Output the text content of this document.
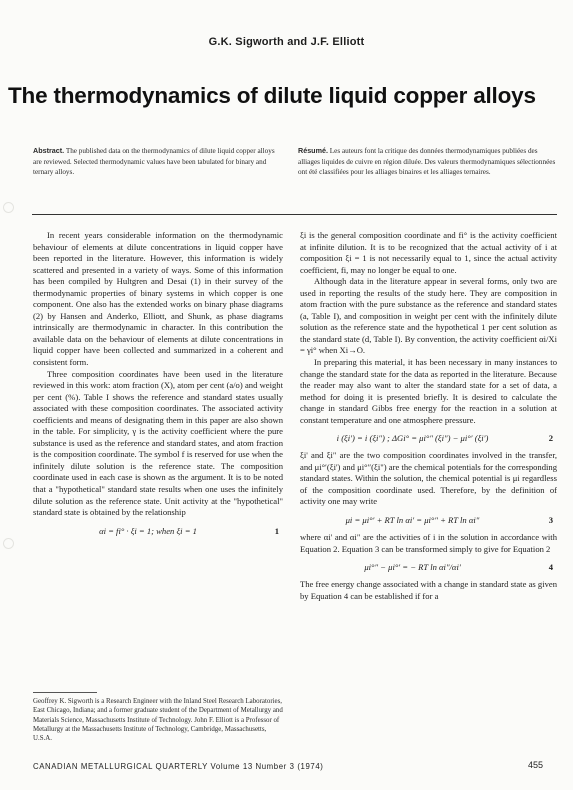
G.K. Sigworth and J.F. Elliott
The thermodynamics of dilute liquid copper alloys
Abstract. The published data on the thermodynamics of dilute liquid copper alloys are reviewed. Selected thermodynamic values have been tabulated for binary and ternary alloys.
Résumé. Les auteurs font la critique des données thermodynamiques publiées des alliages liquides de cuivre en région diluée. Des valeurs thermodynamiques sélectionnées ont été classifiées pour les alliages binaires et les alliages ternaires.

In recent years considerable information on the thermodynamic behaviour of elements at dilute concentrations in liquid copper have been reported in the literature. However, this information is widely scattered and presented in a variety of ways. Some of this information has been compiled by Hultgren and Desai (1) in their survey of the thermodynamic properties of binary systems in which copper is one component. One also has the extended works on binary phase diagrams (2) by Hansen and Anderko, Elliott, and Shunk, as phase diagrams intrinsically are thermodynamic in character. In this contribution the available data on the behaviour of elements at dilute concentrations in liquid copper have been collected and summarized in a coherent and consistent form.

Three composition coordinates have been used in the literature reviewed in this work: atom fraction (X), atom per cent (a/o) and weight per cent (%). Table I shows the reference and standard states usually associated with these composition coordinates. The associated activity coefficients and means of designating them in this paper are also shown in the table. For simplicity, γ is the activity coefficient where the pure substance is used as the reference and standard states, and atom fraction is the composition coordinate. The symbol f is reserved for use when the infinitely dilute solution is the reference state. The composition coordinate used in each case is shown as the argument. It is to be noted that a "hypothetical" standard state results when one uses the infinitely dilute solution as the reference state. Unit activity at the "hypothetical" standard state is obtained by the relationship

αi = fi° · ξi = 1; when ξi = 1	1
Geoffrey K. Sigworth is a Research Engineer with the Inland Steel Research Laboratories, East Chicago, Indiana; and a former graduate student of the Department of Metallurgy and Materials Science, Massachusetts Institute of Technology. John F. Elliott is a Professor of Metallurgy at the Massachusetts Institute of Technology, Cambridge, Massachusetts, U.S.A.

ξi is the general composition coordinate and fi° is the activity coefficient at infinite dilution. It is to be recognized that the actual activity of i at composition ξi = 1 is not necessarily equal to 1, since the actual activity coefficient, fi, may no longer be equal to one.

Although data in the literature appear in several forms, only two are used in reporting the results of the study here. They are composition in atom fraction with the pure substance as the reference and standard states (a, Table I), and composition in weight per cent with the infinitely dilute solution as the reference state and the hypothetical 1 per cent solution as the standard state (d, Table I). By convention, the activity coefficient αi/Xi = γi° when Xi→O.

In preparing this material, it has been necessary in many instances to change the standard state for the data as reported in the literature. Because the reader may also want to alter the standard state for a set of data, a method for doing it is presented briefly. It is desired to calculate the change in standard Gibbs free energy for the reaction in a solution at constant temperature and one atmosphere pressure.

i (ξi') = i (ξi") ; ΔGi° = μi°″ (ξi") − μi°′ (ξi')	2

ξi' and ξi" are the two composition coordinates involved in the transfer, and μi°′(ξi') and μi°″(ξi") are the chemical potentials for the corresponding standard states. Within the solution, the chemical potential is μi regardless of the composition coordinate used. Therefore, by the definition of activity one may write

μi = μi°′ + RT ln αi' = μi°″ + RT ln αi"	3

where αi' and αi" are the activities of i in the solution in accordance with Equation 2. Equation 3 can be transformed simply to give for Equation 2

μi°″ − μi°′ = − RT ln αi"/αi'	4

The free energy change associated with a change in standard state as given by Equation 4 can be established if for a

CANADIAN METALLURGICAL QUARTERLY Volume 13 Number 3 (1974)	455
